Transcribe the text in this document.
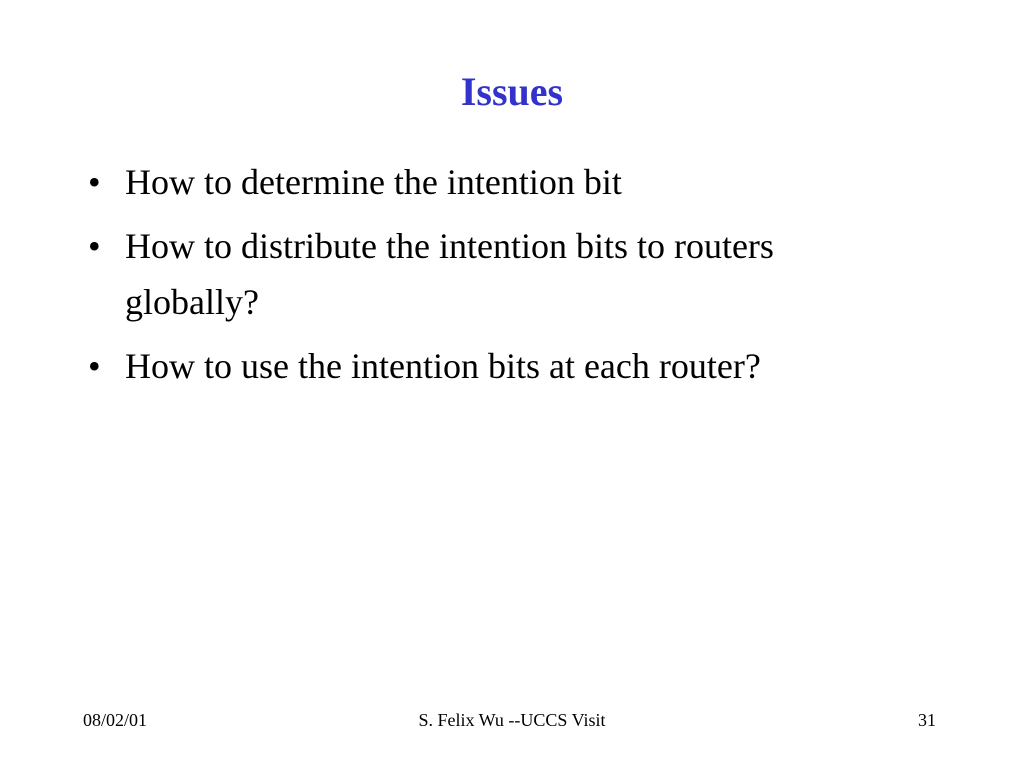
Issues
• How to determine the intention bit
• How to distribute the intention bits to routers globally?
• How to use the intention bits at each router?
08/02/01	S. Felix Wu --UCCS Visit	31
